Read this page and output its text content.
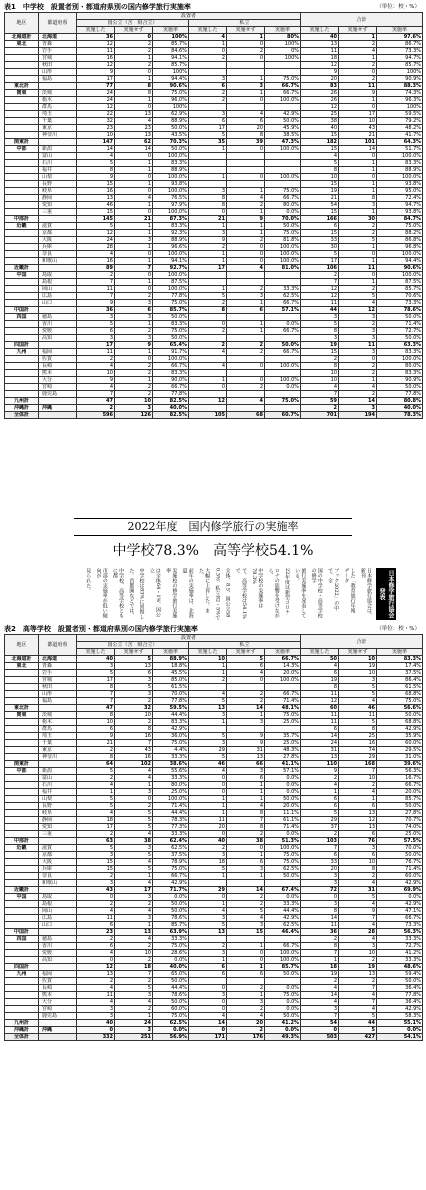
表1　中学校　設置者別・都道府県別の国内修学旅行実施率	（単位：校・%）
地区	都道府県	設置者						合計		
		国公立（含　組合立）			私立					
		実施した	実施せず	実施率	実施した	実施せず	実施率	実施した	実施せず	実施率
北海道計	北海道	36	0	100%	4	1	80%	40	1	97.6%
東北	青森	12	2	85.7%	1	0	100%	13	2	86.7%
	岩手	11	2	84.6%	0	2	0%	11	4	73.3%
	宮城	16	1	94.1%	2	0	100%	18	1	94.7%
	秋田	12	2	85.7%				12	2	85.7%
	山形	9	0	100%				9	0	100%
	福島	17	1	94.4%	3	1	75.0%	20	2	90.9%
東北計		77	8	90.6%	6	3	66.7%	83	11	88.3%
関東	茨城	24	8	75.0%	2	1	66.7%	26	9	74.3%
	栃木	24	1	96.0%	2	0	100.0%	26	1	96.3%
	群馬	12	0	100%				12	0	100%
	埼玉	22	13	62.9%	3	4	42.9%	25	17	59.5%
	千葉	32	4	88.9%	6	6	50.0%	38	10	79.2%
	東京	23	23	50.0%	17	20	45.9%	40	43	48.2%
	神奈川	10	13	43.5%	5	8	38.5%	15	21	41.7%
関東計		147	62	70.3%	35	39	47.3%	182	101	64.3%
中部	新潟	14	14	50.0%	1	0	100.0%	15	14	51.7%
	富山	4	0	100.0%				4	0	100.0%
	石川	5	1	83.3%				5	1	83.3%
	福井	8	1	88.9%				8	1	88.9%
	山梨	9	0	100.0%	1	0	100.0%	10	0	100.0%
	長野	15	1	93.8%				15	1	93.8%
	岐阜	16	0	100.0%	3	1	75.0%	19	1	95.0%
	静岡	13	4	76.5%	8	4	66.7%	21	8	72.4%
	愛知	46	1	97.9%	8	2	80.0%	54	3	94.7%
	三重	15	0	100.0%	0	1	0.0%	15	1	93.8%
中部計		145	21	87.3%	21	9	70.0%	166	30	84.7%
近畿	滋賀	5	1	83.3%	1	1	50.0%	6	2	75.0%
	京都	12	1	92.3%	3	1	75.0%	15	2	88.2%
	大阪	24	3	88.9%	9	2	81.8%	33	5	86.8%
	兵庫	28	1	96.6%	2	0	100.0%	30	1	96.8%
	奈良	4	0	100.0%	1	0	100.0%	5	0	100.0%
	和歌山	16	1	94.1%	1	0	100.0%	17	1	94.4%
近畿計		89	7	92.7%	17	4	81.0%	106	11	90.6%
中国	鳥取	2	0	100.0%				2	0	100.0%
	島根	7	1	87.5%				7	1	87.5%
	岡山	11	0	100.0%	1	2	33.3%	12	2	85.7%
	広島	7	2	77.8%	5	3	62.5%	12	5	70.6%
	山口	9	3	75.0%	2	1	66.7%	11	4	73.3%
中国計		36	6	85.7%	8	6	57.1%	44	12	78.6%
四国	徳島	3	3	50.0%				3	3	50.0%
	香川	5	1	83.3%	0	1	0.0%	5	2	71.4%
	愛媛	6	2	75.0%	2	1	66.7%	8	3	72.7%
	高知	3	3	50.0%				3	3	50.0%
四国計		17	9	65.4%	2	2	50.0%	19	11	63.3%
九州	福岡	11	1	91.7%	4	2	66.7%	15	3	83.3%
	佐賀	2	0	100.0%				2	0	100.0%
	長崎	4	2	66.7%	4	0	100.0%	8	2	80.0%
	熊本	10	2	83.3%				10	2	83.3%
	大分	9	1	90.0%	1	0	100.0%	10	1	90.9%
	宮崎	4	2	66.7%	0	2	0.0%	4	4	50.0%
	鹿児島	7	2	77.8%				7	2	77.8%
九州計		47	10	82.5%	12	4	75.0%	59	14	80.8%
沖縄計	沖縄	2	3	40.0%				2	3	40.0%
全体計		596	126	82.5%	105	68	60.7%	701	194	78.3%
2022年度　国内修学旅行の実施率
中学校78.3%　高等学校54.1%
日本修学旅行協会発表
日本修学旅行協会は、新刊
した「教育旅行年報　データ
ブック2022」の中で、全
国の中学校・高等学校の修学
旅行実施率を発表している。
22年度は新型コロナ
ロナの影響を受けながら、
中学校の実施率は78.3%
で、高等学校は54.1%で
全体、8.5、国公立58
0.3%、私立82・5%で
大幅に上昇した。また、
前年の実施率は、北海道
実施校の修学旅行実施率
は全体64・1%、国公立
中学校は83%に回復し
た。首都圏などでは、
中学校、高等学校ともに都
市部の実施率が低い傾向が
見られた。
表2　高等学校　設置者別・都道府県別の国内修学旅行実施率	（単位：校・%）
地区	都道府県	設置者						合計		
		国公立（含　組合立）			私立					
		実施した	実施せず	実施率	実施した	実施せず	実施率	実施した	実施せず	実施率
北海道計	北海道	40	5	88.9%	10	5	66.7%	50	10	83.3%
東北	青森	3	13	18.8%	1	6	14.3%	4	19	17.4%
	岩手	5	6	45.5%	1	4	20.0%	6	10	37.5%
	宮城	17	3	85.0%	2	0	100.0%	19	3	86.4%
	秋田	8	5	61.5%				8	5	61.5%
	山形	7	3	70.0%	4	2	66.7%	11	5	68.8%
	福島	7	2	77.8%	5	2	71.4%	12	4	75.0%
東北計		47	32	59.5%	13	14	48.1%	60	46	56.6%
関東	茨城	8	10	44.4%	3	1	75.0%	11	11	50.0%
	栃木	10	2	83.3%	1	3	25.0%	11	5	68.8%
	群馬	6	8	42.9%				6	8	42.9%
	埼玉	9	16	36.0%	5	9	35.7%	14	25	35.9%
	千葉	21	7	75.0%	3	9	25.0%	24	16	60.0%
	東京	2	43	4.4%	29	31	48.3%	31	74	29.5%
	神奈川	8	16	33.3%	5	13	27.8%	13	29	31.0%
関東計		64	102	38.6%	46	66	41.1%	110	168	39.6%
中部	新潟	5	4	55.6%	4	3	57.1%	9	7	56.3%
	富山	2	4	33.3%	0	6	0.0%	2	10	16.7%
	石川	4	1	80.0%	0	1	0.0%	4	2	66.7%
	福井	1	3	25.0%	0	1	0.0%	1	4	20.0%
	山梨	5	0	100.0%	1	1	50.0%	6	1	85.7%
	長野	5	2	71.4%	1	4	20.0%	6	6	50.0%
	岐阜	4	5	44.4%	1	8	11.1%	5	13	27.8%
	静岡	18	5	78.3%	11	7	61.1%	29	12	70.7%
	愛知	17	5	77.3%	20	8	71.4%	37	13	74.0%
	三重	2	4	33.3%	0	2	0.0%	2	6	25.0%
中部計		63	38	62.4%	40	38	51.3%	103	76	57.5%
近畿	滋賀	5	3	62.5%	2	0	100.0%	7	3	70.0%
	京都	3	5	37.5%	3	1	75.0%	6	6	50.0%
	大阪	15	4	78.9%	18	6	75.0%	33	10	76.7%
	兵庫	15	5	75.0%	5	3	62.5%	20	8	71.4%
	奈良	2	1	66.7%	1	1	50.0%	3	2	60.0%
	和歌山	3	4	42.9%				3	4	42.9%
近畿計		43	17	71.7%	29	14	67.4%	72	31	69.9%
中国	鳥取	0	3	0.0%	0	2	0.0%	0	5	0.0%
	島根	2	2	50.0%	1	2	33.3%	3	4	42.9%
	岡山	4	4	50.0%	4	5	44.4%	8	9	47.1%
	広島	11	3	78.6%	3	4	42.9%	14	7	66.7%
	山口	6	1	85.7%	5	3	62.5%	11	4	73.3%
中国計		23	13	63.9%	13	15	46.4%	36	28	56.3%
四国	徳島	2	4	33.3%				2	4	33.3%
	香川	6	2	75.0%	2	1	66.7%	8	3	72.7%
	愛媛	4	10	28.6%	3	0	100.0%	7	10	41.2%
	高知	0	2	0.0%	1	0	100.0%	1	2	33.3%
四国計		12	18	40.0%	6	1	85.7%	18	19	48.6%
九州	福岡	13	7	65.0%	6	6	50.0%	19	13	59.4%
	佐賀	2	2	50.0%				2	2	50.0%
	長崎	4	5	44.4%	0	2	0.0%	4	7	36.4%
	熊本	11	3	78.6%	3	1	75.0%	14	4	77.8%
	大分	4	4	50.0%	0	3	0.0%	4	7	36.4%
	宮崎	3	2	60.0%	0	2	0.0%	3	4	42.9%
	鹿児島	3	1	75.0%	4	4	50.0%	7	5	58.3%
九州計		40	24	62.5%	14	20	41.2%	54	44	55.1%
沖縄計	沖縄	0	3	0.0%	0	2	0.0%	0	5	0.0%
全体計		332	251	56.9%	171	176	49.3%	503	427	54.1%
